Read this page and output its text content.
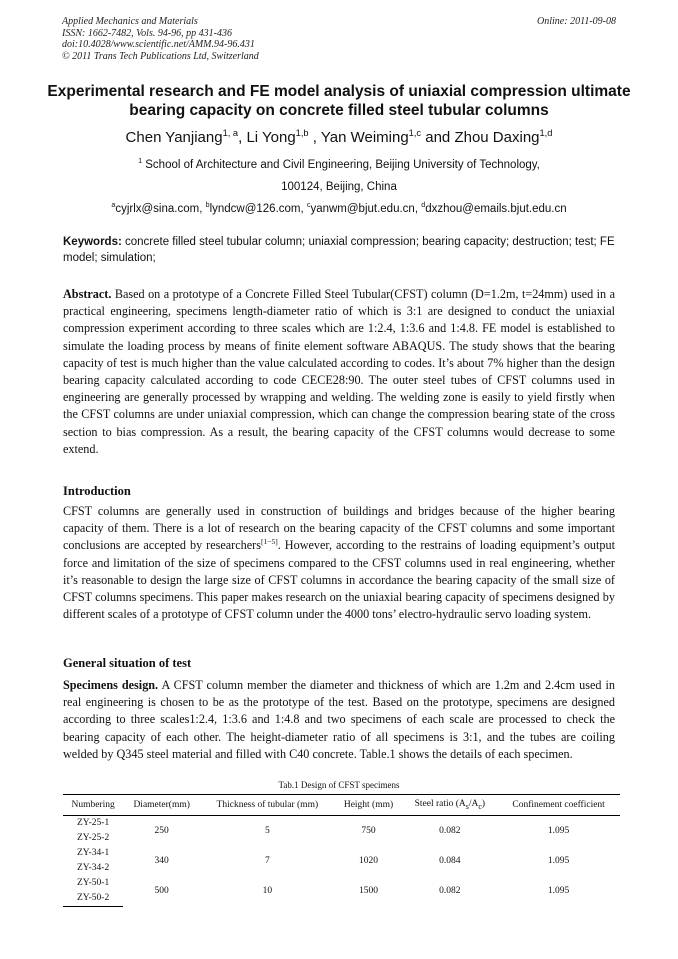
Applied Mechanics and Materials
ISSN: 1662-7482, Vols. 94-96, pp 431-436
doi:10.4028/www.scientific.net/AMM.94-96.431
© 2011 Trans Tech Publications Ltd, Switzerland
Online: 2011-09-08
Experimental research and FE model analysis of uniaxial compression ultimate bearing capacity on concrete filled steel tubular columns
Chen Yanjiang$^{1, a}$, Li Yong$^{1,b}$ , Yan Weiming$^{1,c}$ and Zhou Daxing$^{1,d}$
$^1$ School of Architecture and Civil Engineering, Beijing University of Technology,
100124, Beijing, China
$^a$cyjrlx@sina.com, $^b$lyndcw@126.com, $^c$yanwm@bjut.edu.cn, $^d$dxzhou@emails.bjut.edu.cn
Keywords: concrete filled steel tubular column; uniaxial compression; bearing capacity; destruction; test; FE model; simulation;
Abstract. Based on a prototype of a Concrete Filled Steel Tubular(CFST) column (D=1.2m, t=24mm) used in a practical engineering, specimens length-diameter ratio of which is 3:1 are designed to conduct the uniaxial compression experiment according to three scales which are 1:2.4, 1:3.6 and 1:4.8. FE model is established to simulate the loading process by means of finite element software ABAQUS. The study shows that the bearing capacity of test is much higher than the value calculated according to codes. It’s about 7% higher than the design bearing capacity calculated according to code CECE28:90. The outer steel tubes of CFST columns used in engineering are generally processed by wrapping and welding. The welding zone is easily to yield firstly when the CFST columns are under uniaxial compression, which can change the compression bearing state of the cross section to bias compression. As a result, the bearing capacity of the CFST columns would decrease to some extend.
Introduction
CFST columns are generally used in construction of buildings and bridges because of the higher bearing capacity of them. There is a lot of research on the bearing capacity of the CFST columns and some important conclusions are accepted by researchers[1−5]. However, according to the restrains of loading equipment’s output force and limitation of the size of specimens compared to the CFST columns used in real engineering, whether it’s reasonable to design the large size of CFST columns in accordance the bearing capacity of the small size of CFST columns specimens. This paper makes research on the uniaxial bearing capacity of specimens designed by different scales of a prototype of CFST column under the 4000 tons’ electro-hydraulic servo loading system.
General situation of test
Specimens design. A CFST column member the diameter and thickness of which are 1.2m and 2.4cm used in real engineering is chosen to be as the prototype of the test. Based on the prototype, specimens are designed according to three scales1:2.4, 1:3.6 and 1:4.8 and two specimens of each scale are processed to check the bearing capacity of each other. The height-diameter ratio of all specimens is 3:1, and the tubes are coiling welded by Q345 steel material and filled with C40 concrete. Table.1 shows the details of each specimen.
Tab.1 Design of CFST specimens
Numbering	Diameter(mm)	Thickness of tubular (mm)	Height (mm)	Steel ratio $(A_s/A_c)$	Confinement coefficient
ZY-25-1	250	5	750	0.082	1.095
ZY-25-2					
ZY-34-1	340	7	1020	0.084	1.095
ZY-34-2					
ZY-50-1	500	10	1500	0.082	1.095
ZY-50-2					
